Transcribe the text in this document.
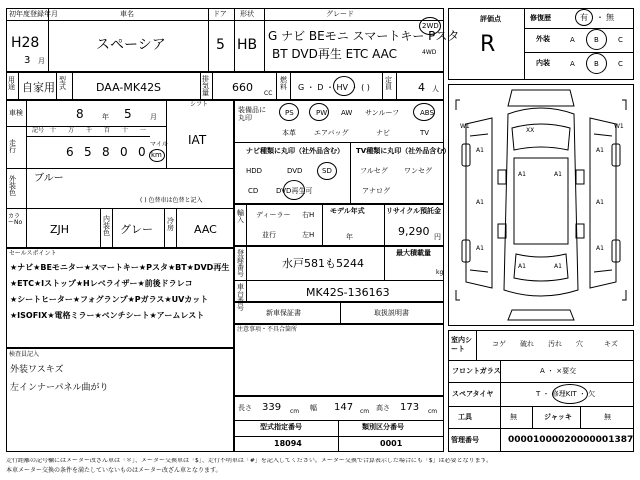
初年度登録年月
H28
3 月
車名
スペーシア
ドア
5
形状
HB
グレード
G ナビ BEモニ スマートキー Pスタ
BT DVD再生 ETC AAC
2WD
4WD
用途 自家用
型式	DAA-MK42S
排気量 660 CC
燃料 G ・ D ・ HV ・ ( )
定員 4 人
車検	8	年 5	月
シフト
IAT
走行
記号 十 万 千 百 十 一
6 5 8 0 0
マイル
km
外装色
ブルー
( ) 色替車は色替と記入
カラーNo
ZJH
内装色 グレー
冷房 AAC
装備品に丸印
PS	PW AW サンルーフ	ABS
本革	エアバッグ	ナビ	TV
ナビ種類に丸印（社外品含む） TV種類に丸印（社外品含む）
HDD	DVD	SD
CD	DVD再生可
フルセグ ワンセグ
アナログ
輸入
ディーラー
並行
右H
左H
モデル年式
年
リサイクル預託金
9,290 円
登録番号
水戸581も5244
最大積載量
kg
車台番号
MK42S-136163
セールスポイント
★ナビ★BEモニター★スマートキー★Pスタ★BT★DVD再生
★ETC★Iストップ★Hレベライザー★前後ドラレコ
★シートヒーター★フォグランプ★Pガラス★UVカット
★ISOFIX★電格ミラー★ベンチシート★アームレスト
検査員記入
外装ワスキズ
左インナーパネル曲がり
新車保証書	取扱説明書
注意事項・不具合箇所
長さ 339 cm 幅 147 cm 高さ 173 cm
型式指定番号
18094
類別区分番号
0001
評価点
R
修復歴	有 ・ 無
外装	A	B	C
内装	A	B	C
W1	W1
XX
A1	A1
A1	A1
A1	A1
A1	A1
A1	A1
室内シート
コゲ 破れ 汚れ 穴	キズ
フロントガラス	A ・ ×要交
スペアタイヤ	T ・ 修理KIT ・ 欠
工具	無	ジャッキ	無
管理番号	00001000020000001387
走行距離の記号欄にはメーター改ざん車は「＊」、メーター交換車は「$」、走行不明車は「#」を記入してください。メーター交換で合算表示した場合にも「$」は必要となります。
本車メーター交換の条件を満たしていないものはメーター改ざん車となります。
